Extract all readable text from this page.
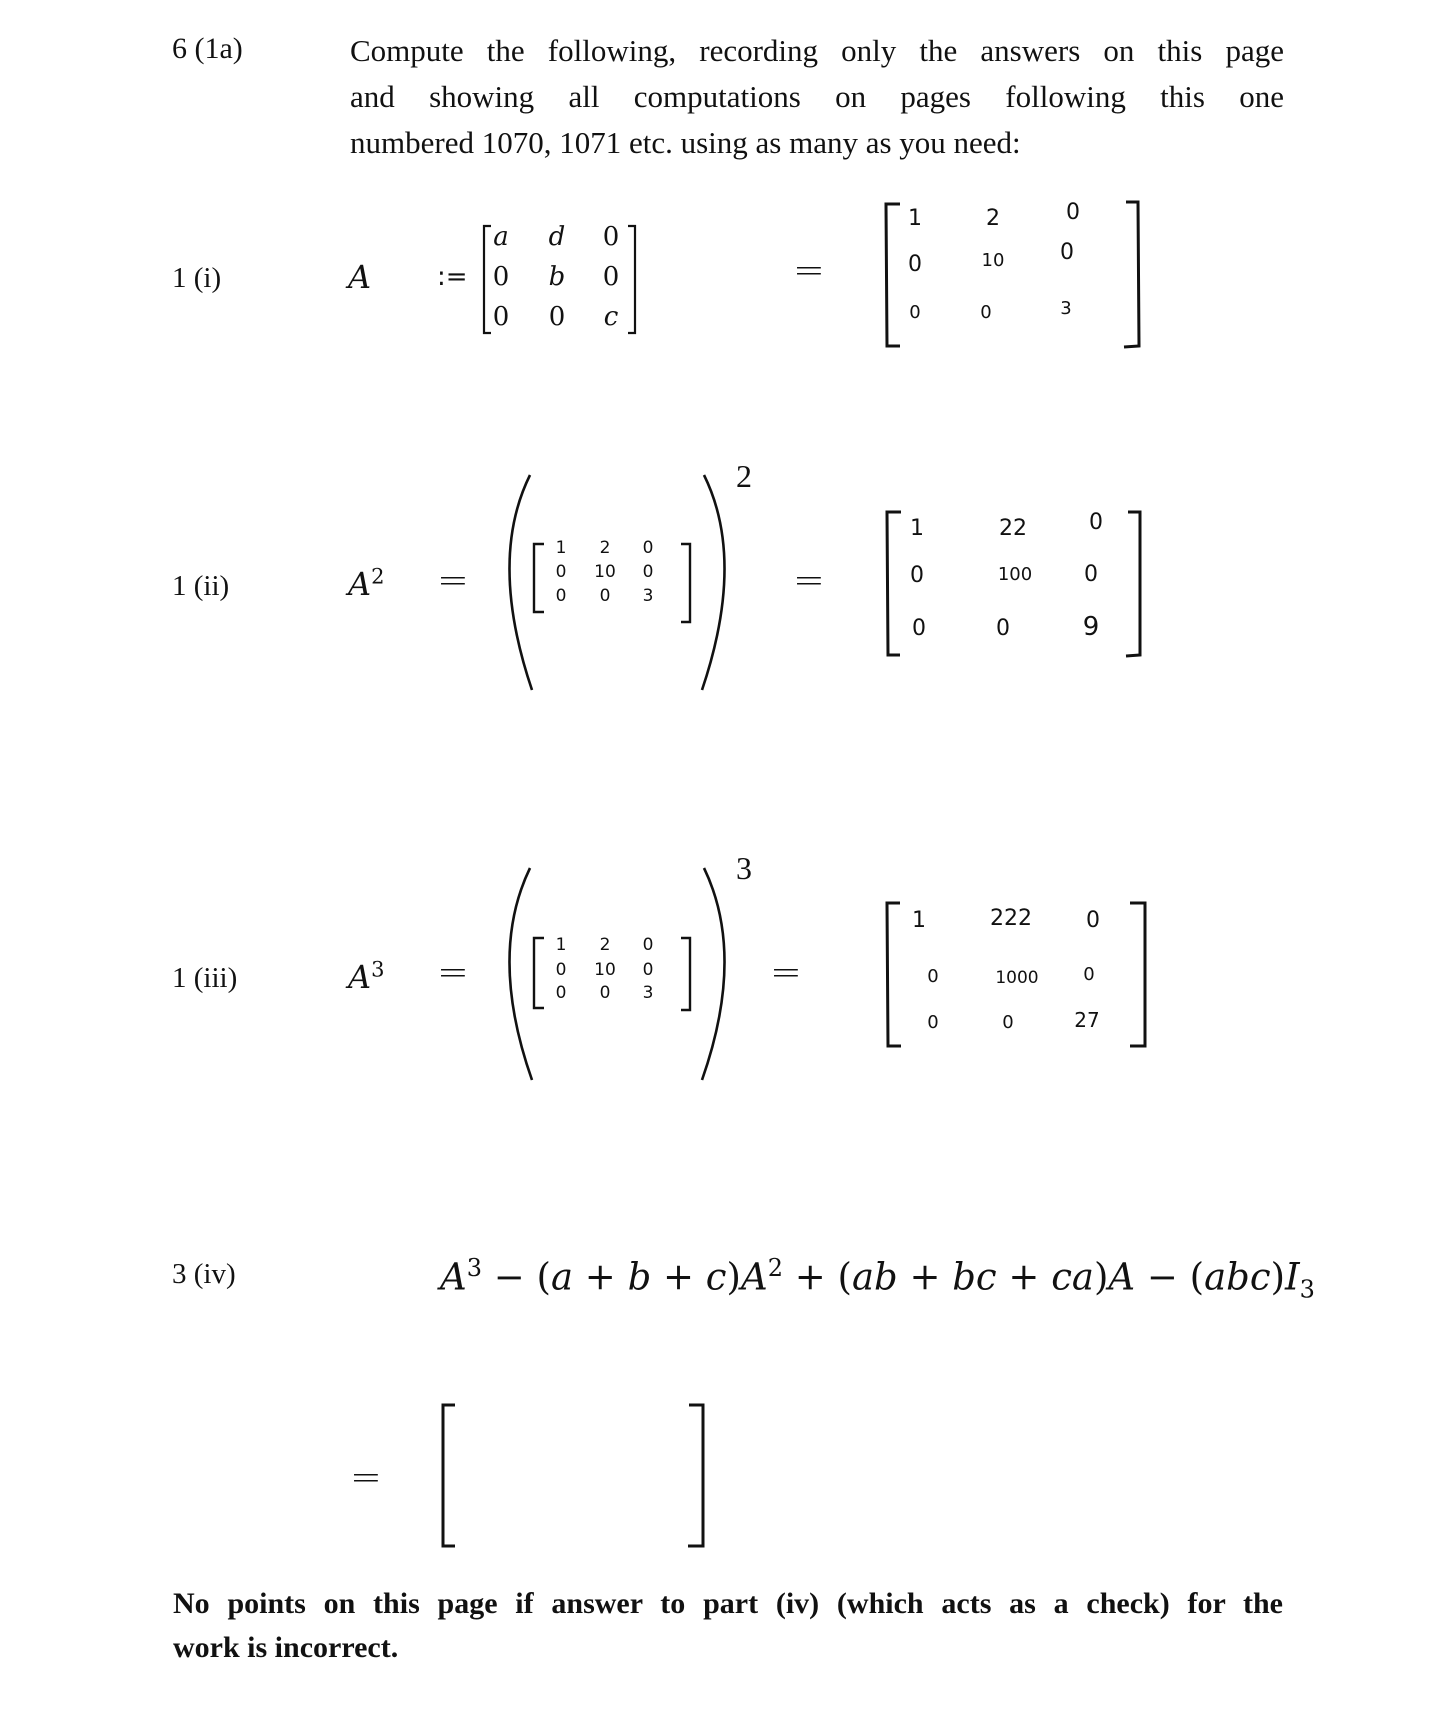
6 (1a)	Compute the following, recording only the answers on this page
and showing all computations on pages following this one
numbered 1070, 1071 etc. using as many as you need:
1 (i)	A	:=
a	d	0
0	b	0
0	0	c
=
1	2	0
0	10	0
0	0	3
1 (ii)	$A^2$ =
2
1	2	0
0	10	0
0	0	3	=
1	22	0
0	100	0
0	0	9
1 (iii)	$A^3$ =
3
1	2	0
0	10	0
0	0	3	=
1	222	0
0	1000	0
0	0	27
3 (iv)	$A^3 - (a + b + c)A^2 + (ab$ + bc + $ca)A - (abc)I_3$
=
No points on this page if answer to part (iv) (which acts as a check) for the
work is incorrect.
